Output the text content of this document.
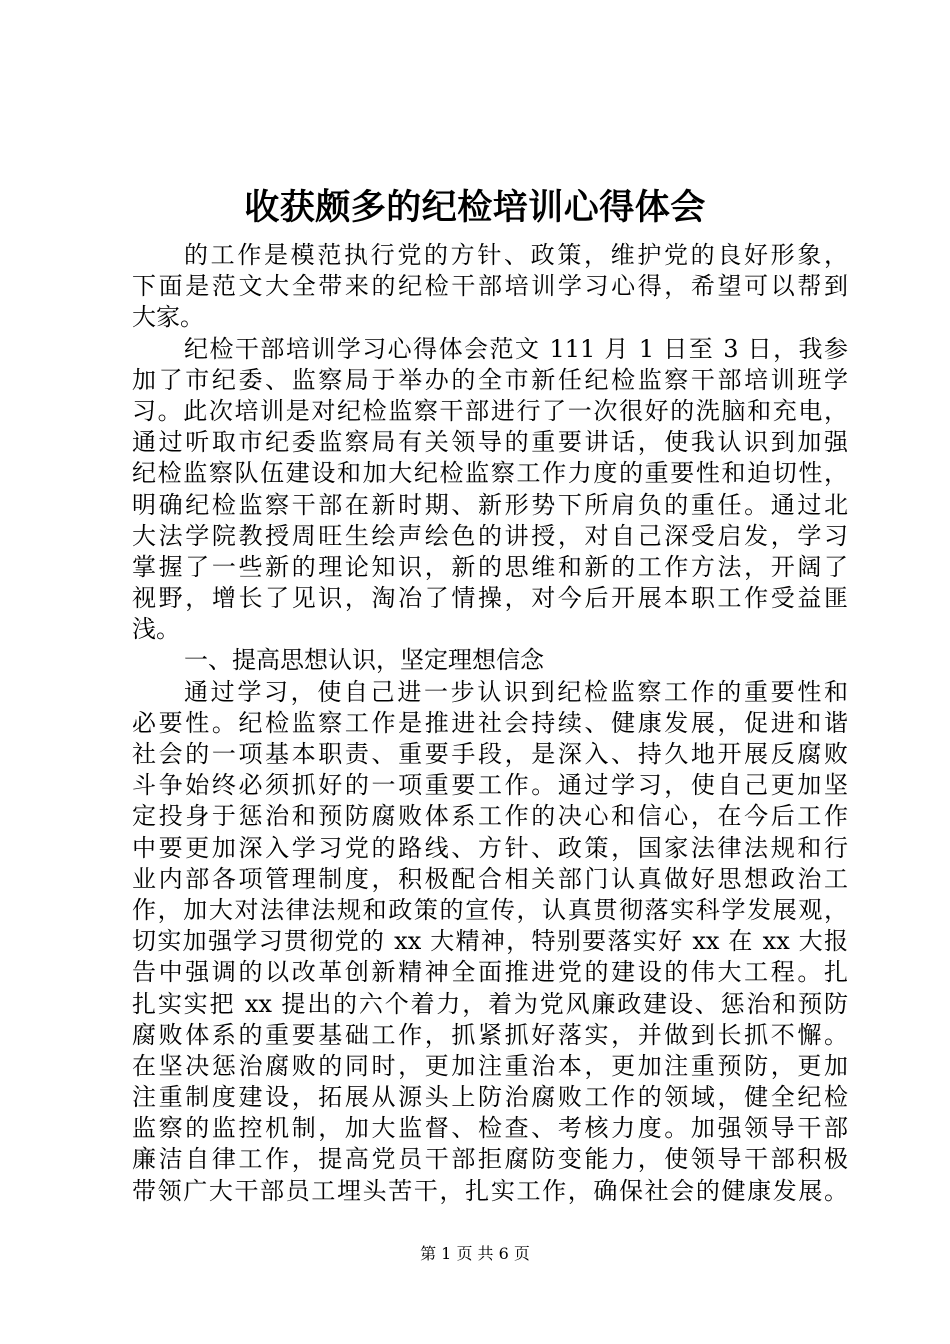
收获颇多的纪检培训心得体会
的工作是模范执行党的方针、政策，维护党的良好形象，
下面是范文大全带来的纪检干部培训学习心得，希望可以帮到
大家。
纪检干部培训学习心得体会范文 111 月 1 日至 3 日，我参
加了市纪委、监察局于举办的全市新任纪检监察干部培训班学
习。此次培训是对纪检监察干部进行了一次很好的洗脑和充电，
通过听取市纪委监察局有关领导的重要讲话，使我认识到加强
纪检监察队伍建设和加大纪检监察工作力度的重要性和迫切性，
明确纪检监察干部在新时期、新形势下所肩负的重任。通过北
大法学院教授周旺生绘声绘色的讲授，对自己深受启发，学习
掌握了一些新的理论知识，新的思维和新的工作方法，开阔了
视野，增长了见识，淘冶了情操，对今后开展本职工作受益匪
浅。
一、提高思想认识，坚定理想信念
通过学习，使自己进一步认识到纪检监察工作的重要性和
必要性。纪检监察工作是推进社会持续、健康发展，促进和谐
社会的一项基本职责、重要手段，是深入、持久地开展反腐败
斗争始终必须抓好的一项重要工作。通过学习，使自己更加坚
定投身于惩治和预防腐败体系工作的决心和信心，在今后工作
中要更加深入学习党的路线、方针、政策，国家法律法规和行
业内部各项管理制度，积极配合相关部门认真做好思想政治工
作，加大对法律法规和政策的宣传，认真贯彻落实科学发展观，
切实加强学习贯彻党的 xx 大精神，特别要落实好 xx 在 xx 大报
告中强调的以改革创新精神全面推进党的建设的伟大工程。扎
扎实实把 xx 提出的六个着力，着为党风廉政建设、惩治和预防
腐败体系的重要基础工作，抓紧抓好落实，并做到长抓不懈。
在坚决惩治腐败的同时，更加注重治本，更加注重预防，更加
注重制度建设，拓展从源头上防治腐败工作的领域，健全纪检
监察的监控机制，加大监督、检查、考核力度。加强领导干部
廉洁自律工作，提高党员干部拒腐防变能力，使领导干部积极
带领广大干部员工埋头苦干，扎实工作，确保社会的健康发展。
第 1 页 共 6 页
